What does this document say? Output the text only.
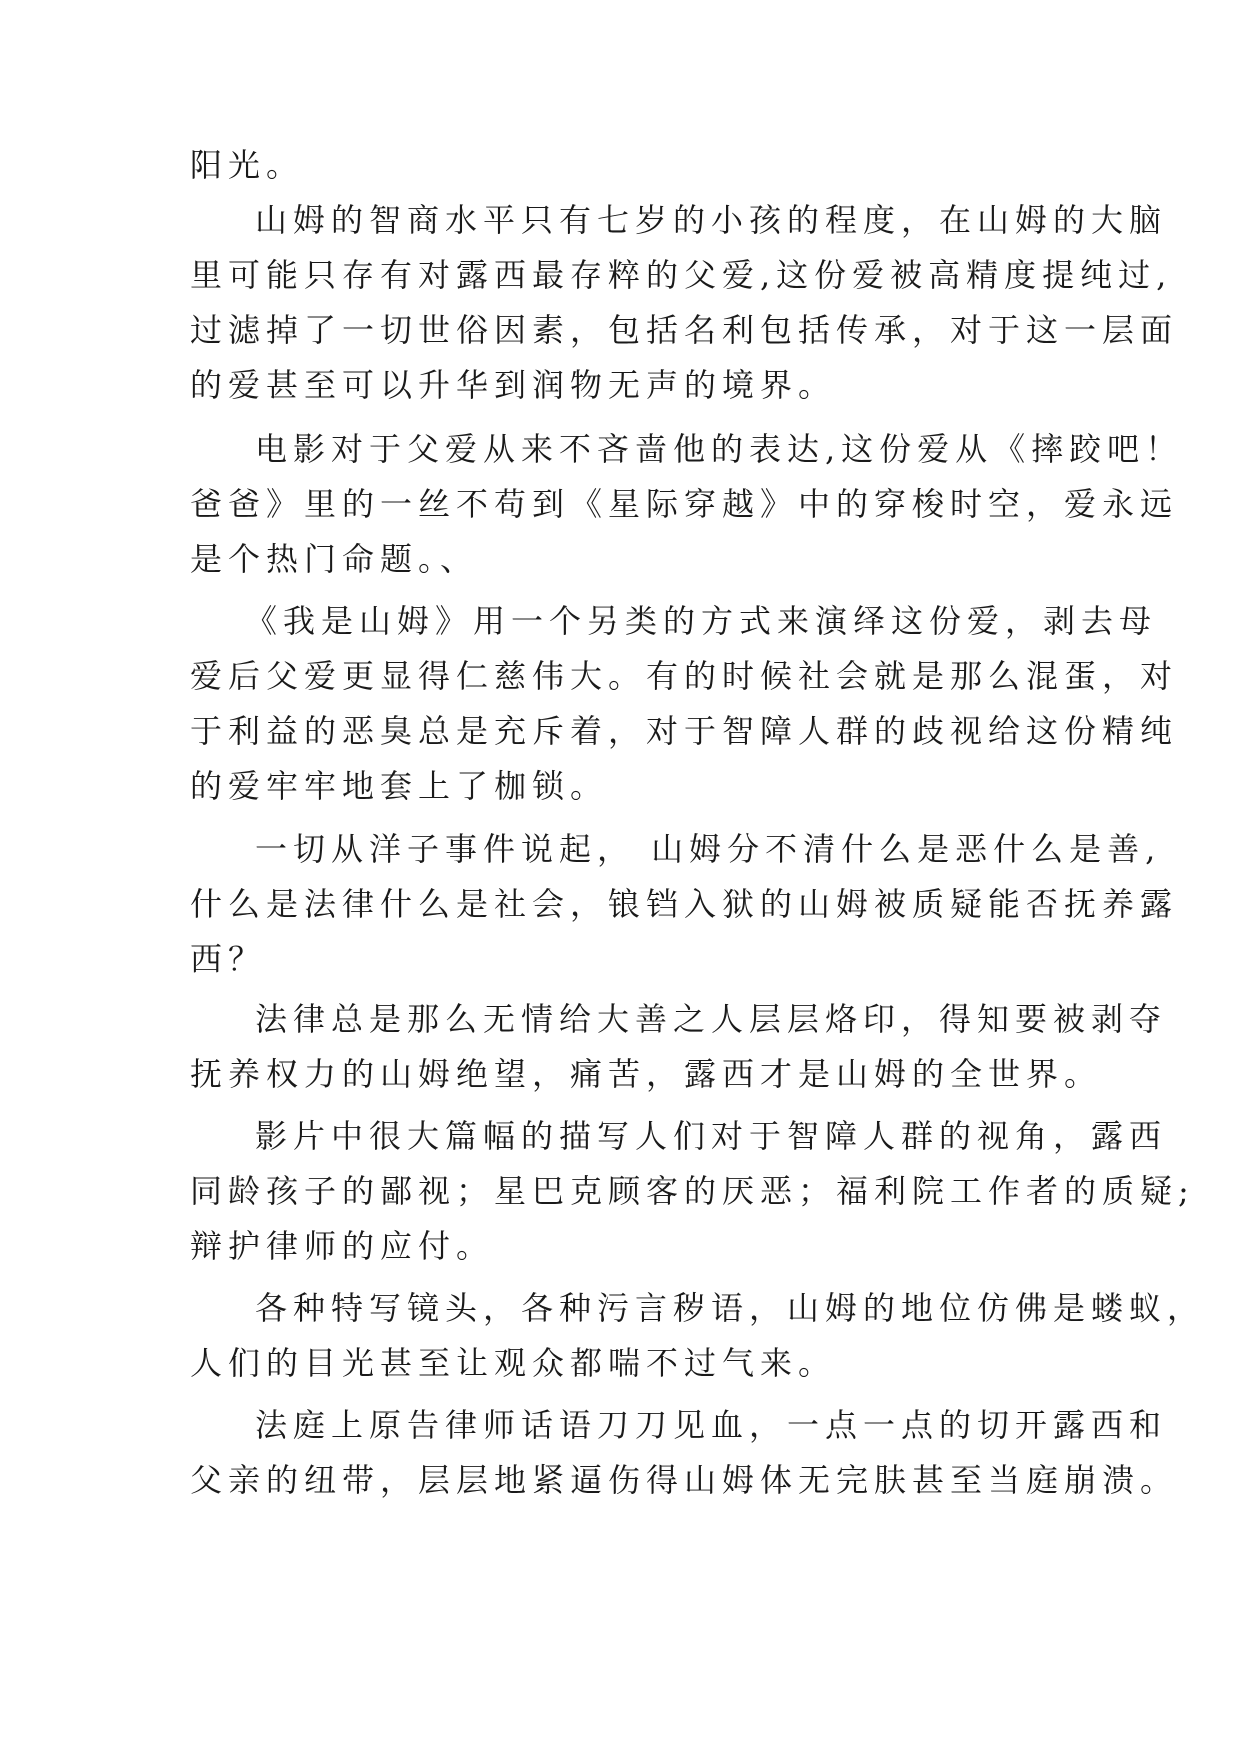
阳光。
山姆的智商水平只有七岁的小孩的程度，在山姆的大脑
里可能只存有对露西最存粹的父爱,这份爱被高精度提纯过,
过滤掉了一切世俗因素，包括名利包括传承，对于这一层面
的爱甚至可以升华到润物无声的境界。
电影对于父爱从来不吝啬他的表达,这份爱从《摔跤吧！
爸爸》里的一丝不苟到《星际穿越》中的穿梭时空，爱永远
是个热门命题。、
《我是山姆》用一个另类的方式来演绎这份爱，剥去母
爱后父爱更显得仁慈伟大。有的时候社会就是那么混蛋，对
于利益的恶臭总是充斥着，对于智障人群的歧视给这份精纯
的爱牢牢地套上了枷锁。
一切从洋子事件说起， 山姆分不清什么是恶什么是善,
什么是法律什么是社会，锒铛入狱的山姆被质疑能否抚养露
西？
法律总是那么无情给大善之人层层烙印，得知要被剥夺
抚养权力的山姆绝望，痛苦，露西才是山姆的全世界。
影片中很大篇幅的描写人们对于智障人群的视角，露西
同龄孩子的鄙视；星巴克顾客的厌恶；福利院工作者的质疑;
辩护律师的应付。
各种特写镜头，各种污言秽语，山姆的地位仿佛是蝼蚁，
人们的目光甚至让观众都喘不过气来。
法庭上原告律师话语刀刀见血，一点一点的切开露西和
父亲的纽带，层层地紧逼伤得山姆体无完肤甚至当庭崩溃。
